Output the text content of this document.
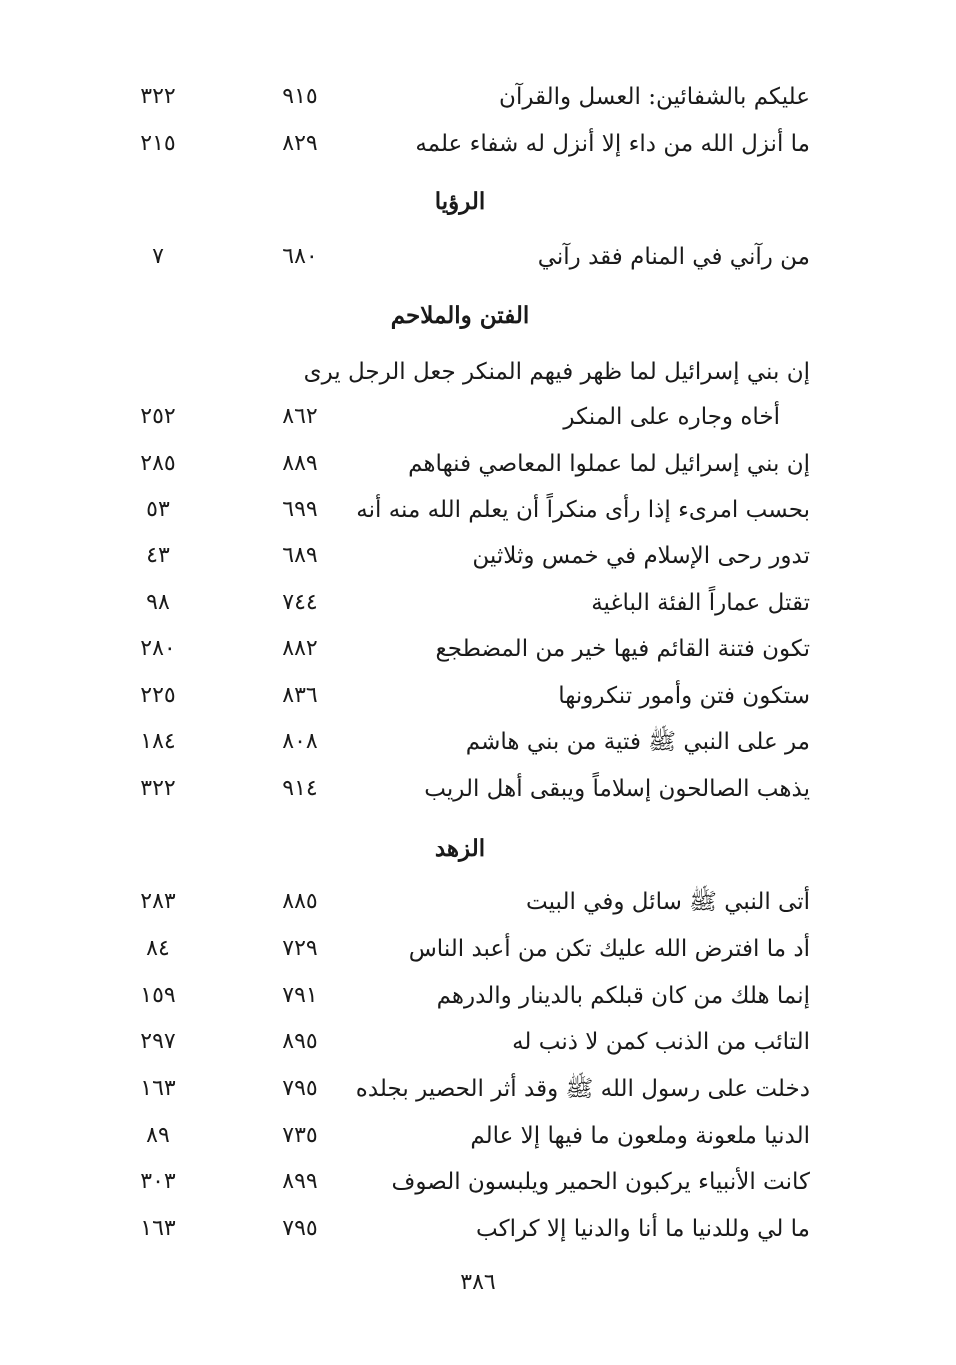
عليكم بالشفائين: العسل والقرآن
٩١٥
٣٢٢
ما أنزل الله من داء إلا أنزل له شفاء علمه
٨٢٩
٢١٥
الرؤيا
من رآني في المنام فقد رآني
٦٨٠
٧
الفتن والملاحم
إن بني إسرائيل لما ظهر فيهم المنكر جعل الرجل يرى
أخاه وجاره على المنكر
٨٦٢
٢٥٢
إن بني إسرائيل لما عملوا المعاصي فنهاهم
٨٨٩
٢٨٥
بحسب امرىء إذا رأى منكراً أن يعلم الله منه أنه
٦٩٩
٥٣
تدور رحى الإسلام في خمس وثلاثين
٦٨٩
٤٣
تقتل عماراً الفئة الباغية
٧٤٤
٩٨
تكون فتنة القائم فيها خير من المضطجع
٨٨٢
٢٨٠
ستكون فتن وأمور تنكرونها
٨٣٦
٢٢٥
مر على النبي ﷺ فتية من بني هاشم
٨٠٨
١٨٤
يذهب الصالحون إسلاماً ويبقى أهل الريب
٩١٤
٣٢٢
الزهد
أتى النبي ﷺ سائل وفي البيت
٨٨٥
٢٨٣
أد ما افترض الله عليك تكن من أعبد الناس
٧٢٩
٨٤
إنما هلك من كان قبلكم بالدينار والدرهم
٧٩١
١٥٩
التائب من الذنب كمن لا ذنب له
٨٩٥
٢٩٧
دخلت على رسول الله ﷺ وقد أثر الحصير بجلده
٧٩٥
١٦٣
الدنيا ملعونة وملعون ما فيها إلا عالم
٧٣٥
٨٩
كانت الأنبياء يركبون الحمير ويلبسون الصوف
٨٩٩
٣٠٣
ما لي وللدنيا ما أنا والدنيا إلا كراكب
٧٩٥
١٦٣
٣٨٦
